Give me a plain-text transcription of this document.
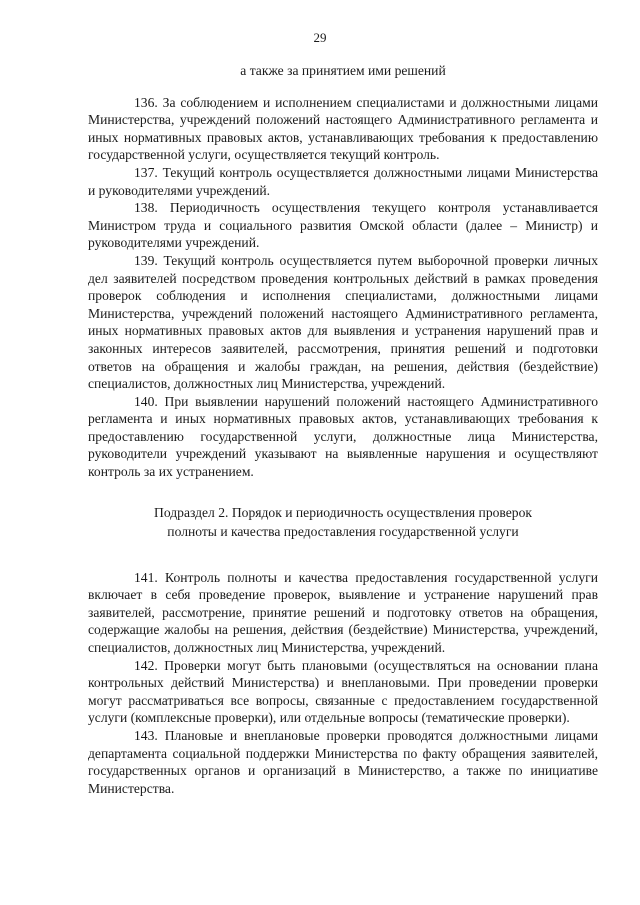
29

а также за принятием ими решений

136. За соблюдением и исполнением специалистами и должностными лицами Министерства, учреждений положений настоящего Административного регламента и иных нормативных правовых актов, устанавливающих требования к предоставлению государственной услуги, осуществляется текущий контроль.

137. Текущий контроль осуществляется должностными лицами Министерства и руководителями учреждений.

138. Периодичность осуществления текущего контроля устанавливается Министром труда и социального развития Омской области (далее – Министр) и руководителями учреждений.

139. Текущий контроль осуществляется путем выборочной проверки личных дел заявителей посредством проведения контрольных действий в рамках проведения проверок соблюдения и исполнения специалистами, должностными лицами Министерства, учреждений положений настоящего Административного регламента, иных нормативных правовых актов для выявления и устранения нарушений прав и законных интересов заявителей, рассмотрения, принятия решений и подготовки ответов на обращения и жалобы граждан, на решения, действия (бездействие) специалистов, должностных лиц Министерства, учреждений.

140. При выявлении нарушений положений настоящего Административного регламента и иных нормативных правовых актов, устанавливающих требования к предоставлению государственной услуги, должностные лица Министерства, руководители учреждений указывают на выявленные нарушения и осуществляют контроль за их устранением.

Подраздел 2. Порядок и периодичность осуществления проверок

полноты и качества предоставления государственной услуги

141. Контроль полноты и качества предоставления государственной услуги включает в себя проведение проверок, выявление и устранение нарушений прав заявителей, рассмотрение, принятие решений и подготовку ответов на обращения, содержащие жалобы на решения, действия (бездействие) Министерства, учреждений, специалистов, должностных лиц Министерства, учреждений.

142. Проверки могут быть плановыми (осуществляться на основании плана контрольных действий Министерства) и внеплановыми. При проведении проверки могут рассматриваться все вопросы, связанные с предоставлением государственной услуги (комплексные проверки), или отдельные вопросы (тематические проверки).

143. Плановые и внеплановые проверки проводятся должностными лицами департамента социальной поддержки Министерства по факту обращения заявителей, государственных органов и организаций в Министерство, а также по инициативе Министерства.
